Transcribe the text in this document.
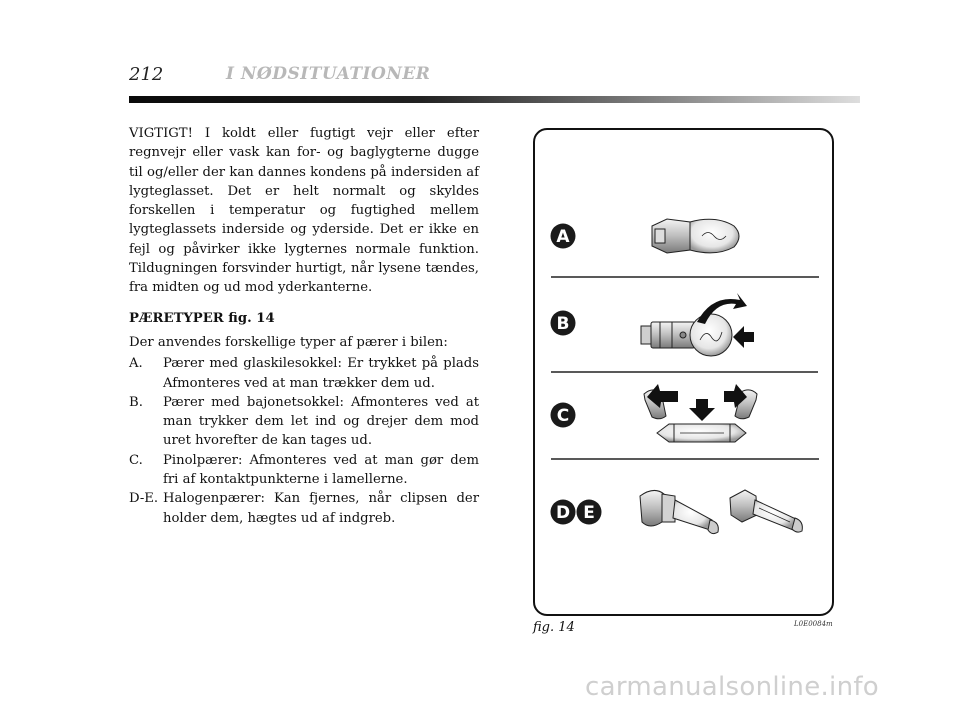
212	I NØDSITUATIONER

VIGTIGT! I koldt eller fugtigt vejr eller efter regnvejr eller vask kan for- og baglygterne dugge til og/eller der kan dannes kondens på indersiden af lygteglasset. Det er helt normalt og skyldes forskellen i temperatur og fugtighed mellem lygteglassets inderside og yderside. Det er ikke en fejl og påvirker ikke lygternes normale funktion. Tildugningen forsvinder hurtigt, når lysene tændes, fra midten og ud mod yderkanterne.

PÆRETYPER fig. 14

Der anvendes forskellige typer af pærer i bilen:

A. Pærer med glaskilesokkel: Er trykket på plads Afmonteres ved at man trækker dem ud.
B. Pærer med bajonetsokkel: Afmonteres ved at man trykker dem let ind og drejer dem mod uret hvorefter de kan tages ud.
C. Pinolpærer: Afmonteres ved at man gør dem fri af kontaktpunkterne i lamellerne.
D-E. Halogenpærer: Kan fjernes, når clipsen der holder dem, hægtes ud af indgreb.
A
B
C
D E
fig. 14	L0E0084m
carmanualsonline.info
